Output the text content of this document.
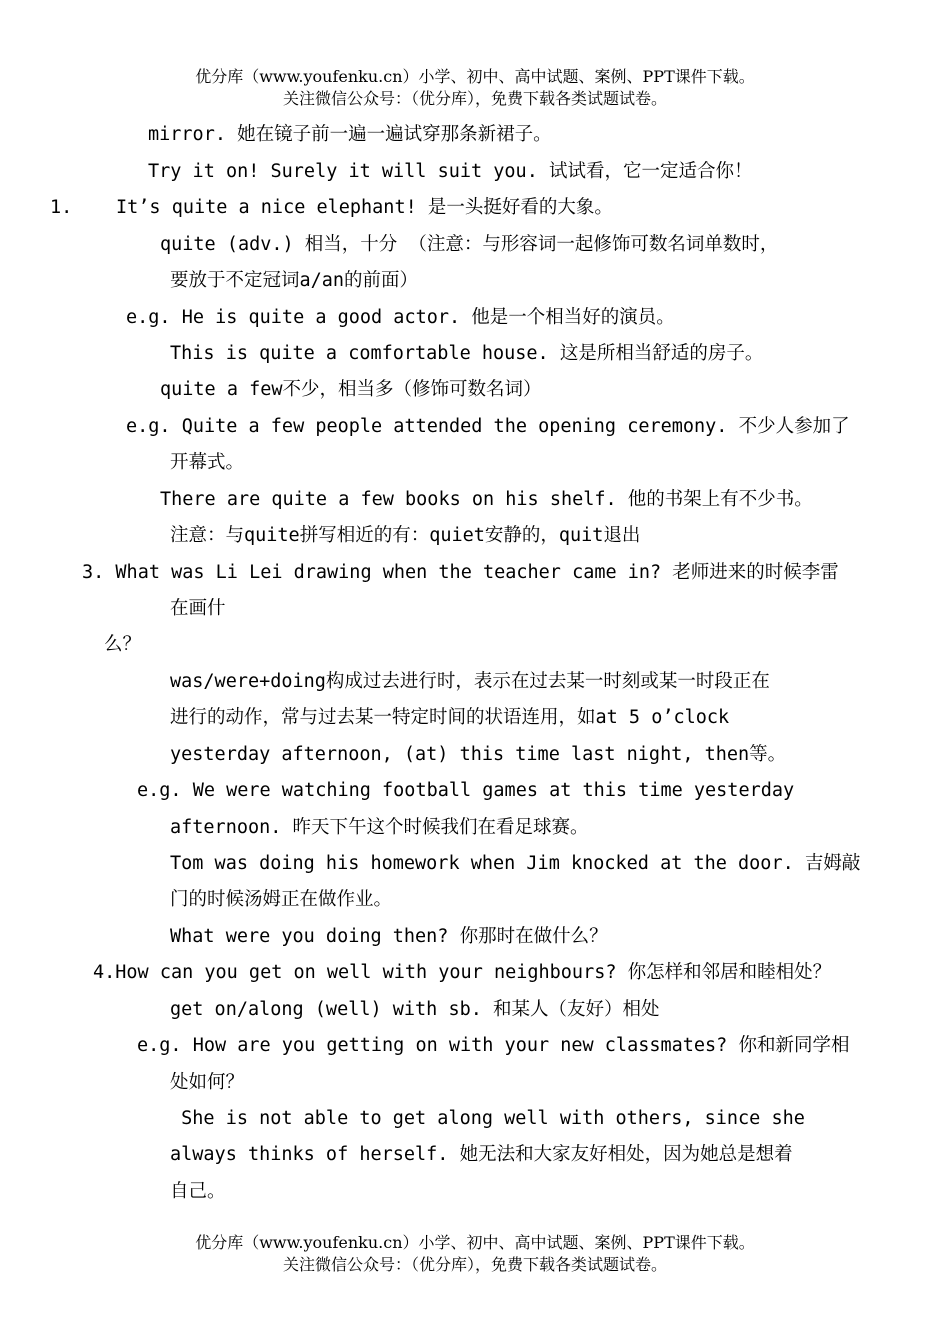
优分库（www.youfenku.cn）小学、初中、高中试题、案例、PPT课件下载。
关注微信公众号：（优分库），免费下载各类试题试卷。
mirror. 她在镜子前一遍一遍试穿那条新裙子。
Try it on! Surely it will suit you. 试试看，它一定适合你！
1. It’s quite a nice elephant! 是一头挺好看的大象。
quite (adv.) 相当，十分 （注意：与形容词一起修饰可数名词单数时，
要放于不定冠词a/an的前面）
e.g. He is quite a good actor. 他是一个相当好的演员。
This is quite a comfortable house. 这是所相当舒适的房子。
quite a few不少，相当多（修饰可数名词）
e.g. Quite a few people attended the opening ceremony. 不少人参加了
开幕式。
There are quite a few books on his shelf. 他的书架上有不少书。
注意：与quite拼写相近的有：quiet安静的，quit退出
3. What was Li Lei drawing when the teacher came in? 老师进来的时候李雷
在画什
么？
was/were+doing构成过去进行时，表示在过去某一时刻或某一时段正在
进行的动作，常与过去某一特定时间的状语连用，如at 5 o’clock
yesterday afternoon, (at) this time last night, then等。
e.g. We were watching football games at this time yesterday
afternoon. 昨天下午这个时候我们在看足球赛。
Tom was doing his homework when Jim knocked at the door. 吉姆敲
门的时候汤姆正在做作业。
What were you doing then? 你那时在做什么？
4.How can you get on well with your neighbours? 你怎样和邻居和睦相处？
get on/along (well) with sb. 和某人（友好）相处
e.g. How are you getting on with your new classmates? 你和新同学相
处如何？
She is not able to get along well with others, since she
always thinks of herself. 她无法和大家友好相处，因为她总是想着
自己。
优分库（www.youfenku.cn）小学、初中、高中试题、案例、PPT课件下载。
关注微信公众号：（优分库），免费下载各类试题试卷。
